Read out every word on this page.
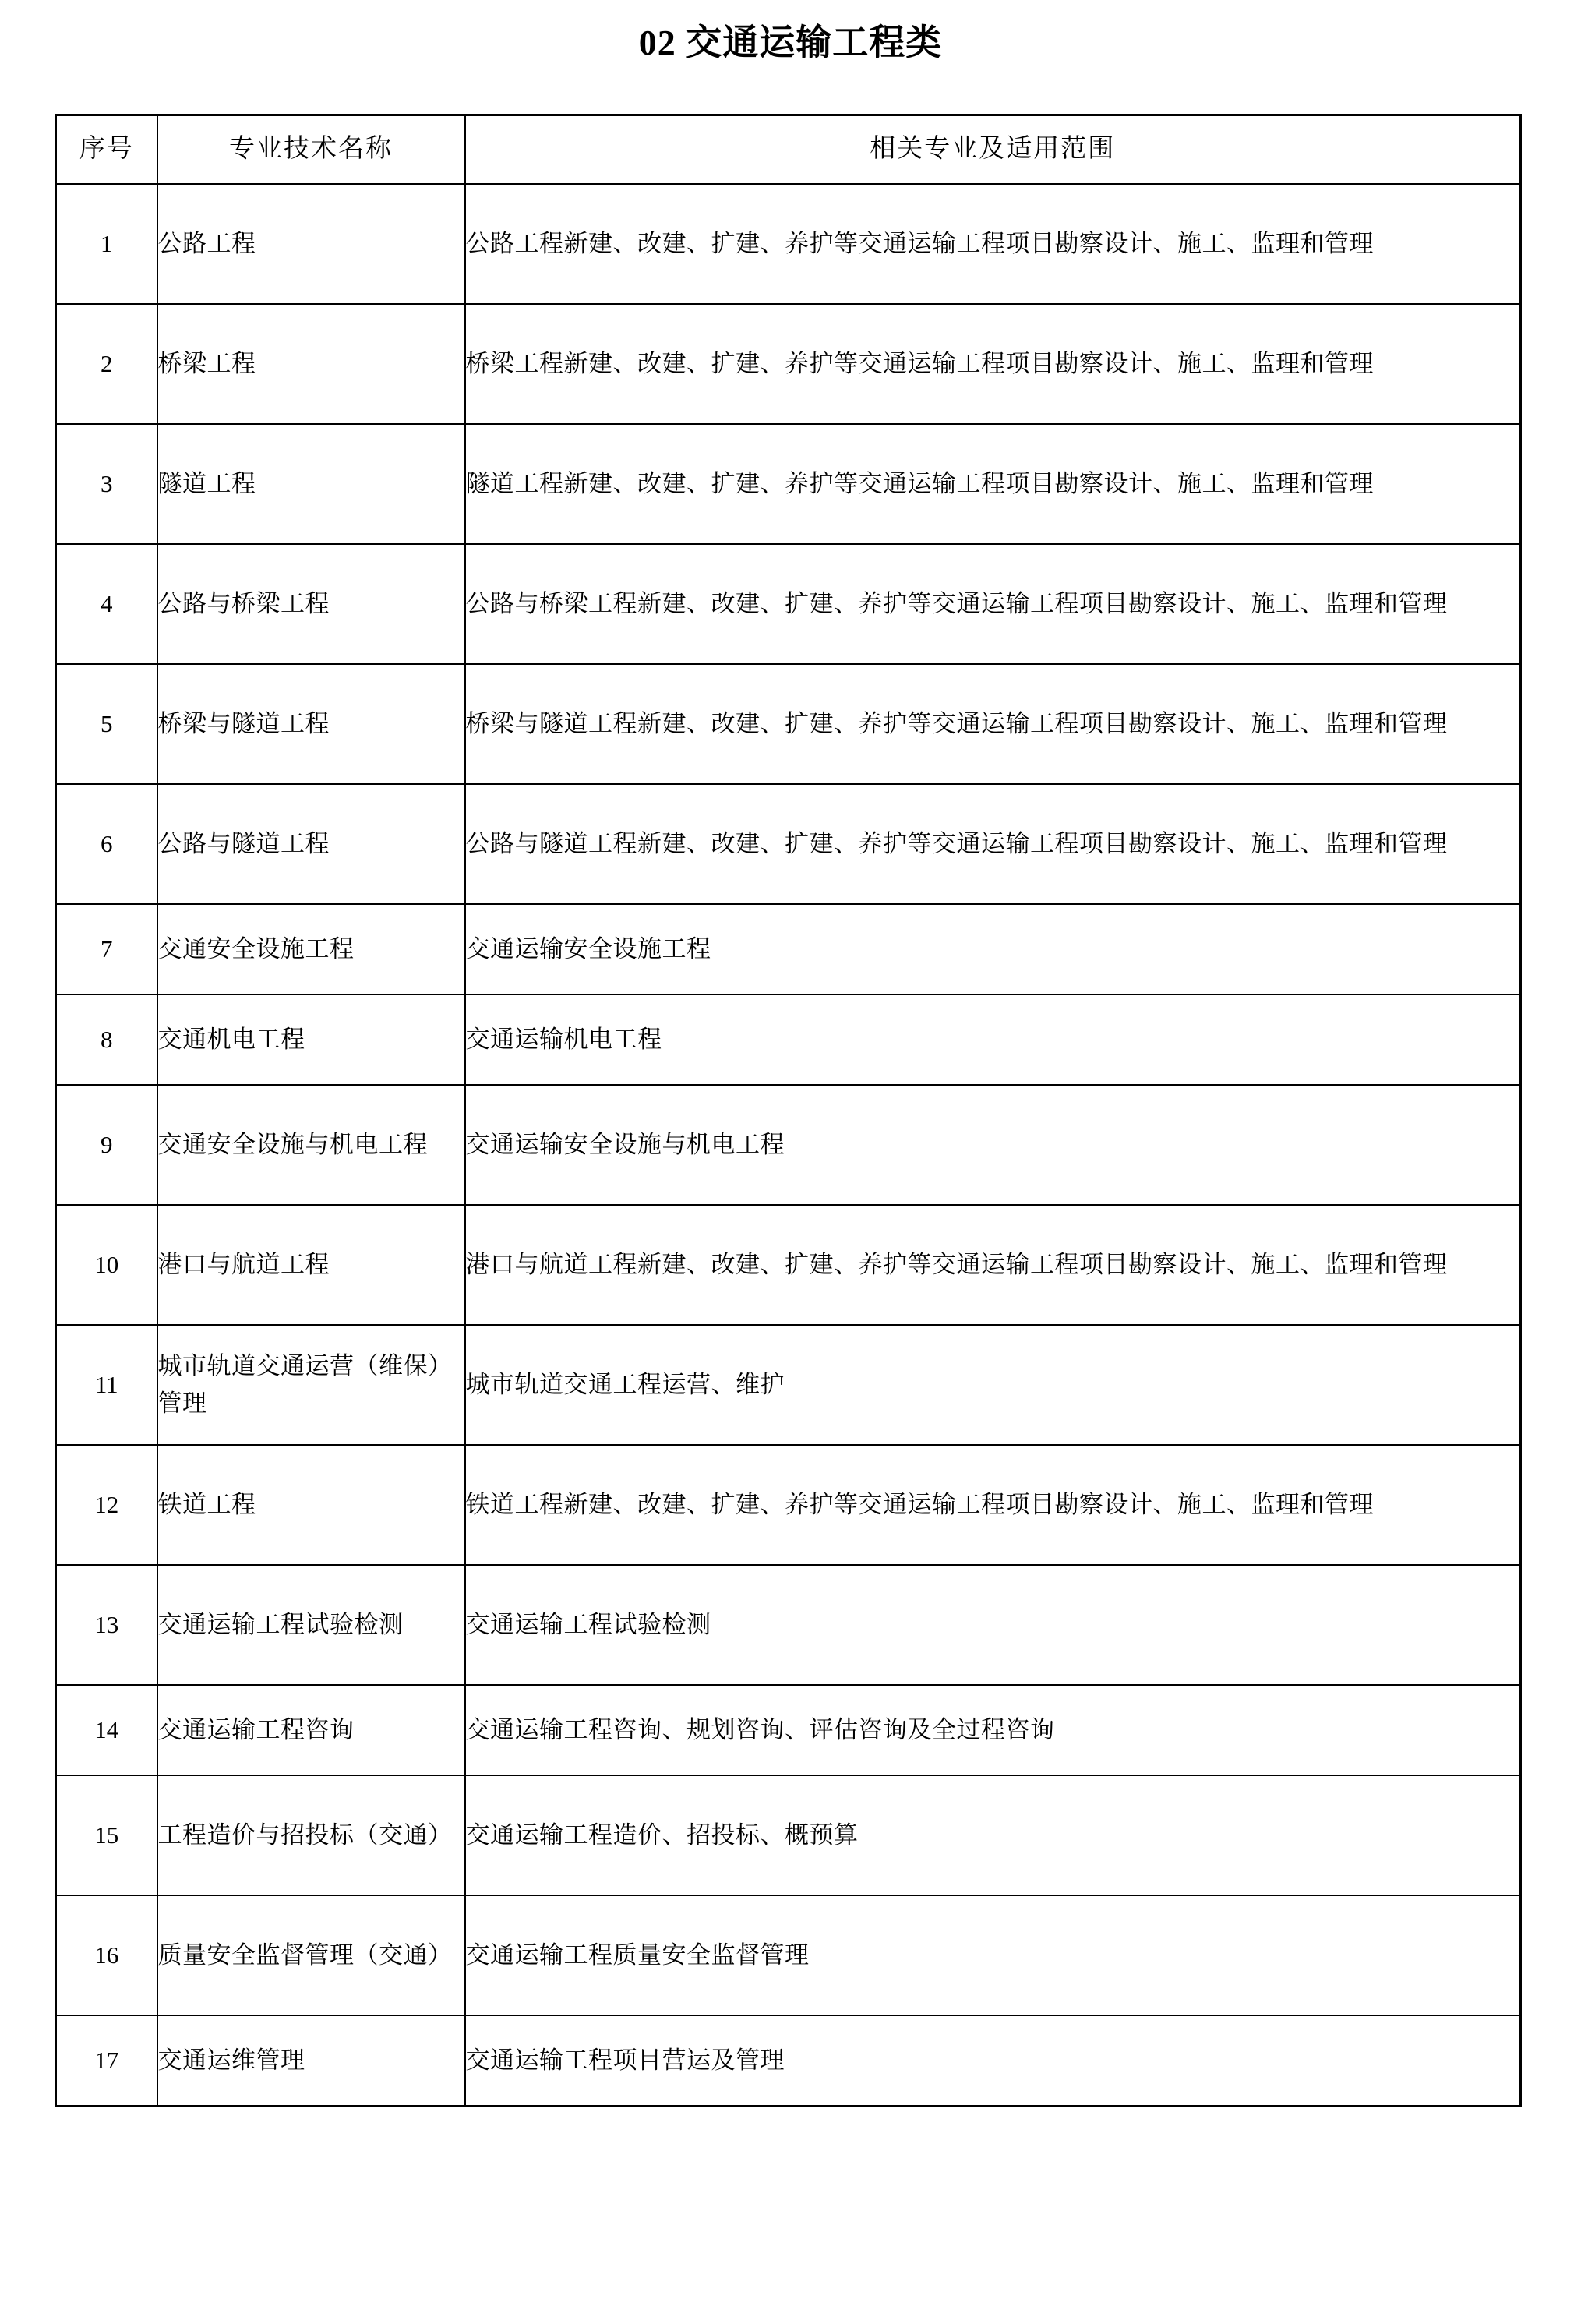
02 交通运输工程类
序号	专业技术名称	相关专业及适用范围
1	公路工程	公路工程新建、改建、扩建、养护等交通运输工程项目勘察设计、施工、监理和管理
2	桥梁工程	桥梁工程新建、改建、扩建、养护等交通运输工程项目勘察设计、施工、监理和管理
3	隧道工程	隧道工程新建、改建、扩建、养护等交通运输工程项目勘察设计、施工、监理和管理
4	公路与桥梁工程	公路与桥梁工程新建、改建、扩建、养护等交通运输工程项目勘察设计、施工、监理和管理
5	桥梁与隧道工程	桥梁与隧道工程新建、改建、扩建、养护等交通运输工程项目勘察设计、施工、监理和管理
6	公路与隧道工程	公路与隧道工程新建、改建、扩建、养护等交通运输工程项目勘察设计、施工、监理和管理
7	交通安全设施工程	交通运输安全设施工程
8	交通机电工程	交通运输机电工程
9	交通安全设施与机电工程	交通运输安全设施与机电工程
10	港口与航道工程	港口与航道工程新建、改建、扩建、养护等交通运输工程项目勘察设计、施工、监理和管理
11	城市轨道交通运营（维保）管理	城市轨道交通工程运营、维护
12	铁道工程	铁道工程新建、改建、扩建、养护等交通运输工程项目勘察设计、施工、监理和管理
13	交通运输工程试验检测	交通运输工程试验检测
14	交通运输工程咨询	交通运输工程咨询、规划咨询、评估咨询及全过程咨询
15	工程造价与招投标（交通）	交通运输工程造价、招投标、概预算
16	质量安全监督管理（交通）	交通运输工程质量安全监督管理
17	交通运维管理	交通运输工程项目营运及管理
